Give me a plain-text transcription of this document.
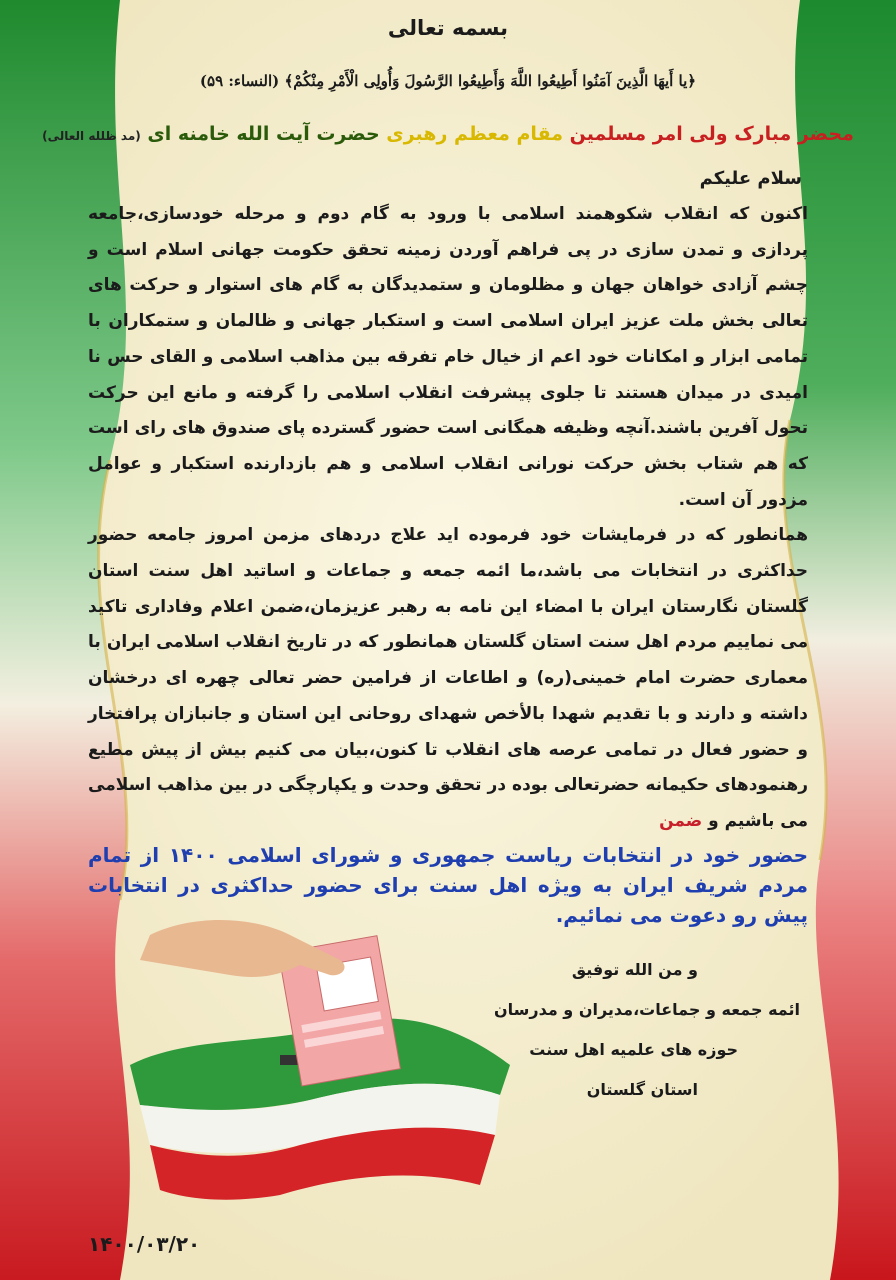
بسمه تعالی
﴿یا أَیهَا الَّذِینَ آمَنُوا أَطِیعُوا اللَّهَ وَأَطِیعُوا الرَّسُولَ وَأُولِی الْأَمْرِ مِنْکُمْ﴾ (النساء: ۵۹)
محضر مبارک ولی امر مسلمین مقام معظم رهبری حضرت آیت الله خامنه ای (مد ظلله العالی)
سلام علیکم

اکنون که انقلاب شکوهمند اسلامی با ورود به گام دوم و مرحله خودسازی،جامعه پردازی و تمدن سازی در پی فراهم آوردن زمینه تحقق حکومت جهانی اسلام است و چشم آزادی خواهان جهان و مظلومان و ستمدیدگان به گام های استوار و حرکت های تعالی بخش ملت عزیز ایران اسلامی است و استکبار جهانی و ظالمان و ستمکاران با تمامی ابزار و امکانات خود اعم از خیال خام تفرقه بین مذاهب اسلامی و القای حس نا امیدی در میدان هستند تا جلوی پیشرفت انقلاب اسلامی را گرفته و مانع این حرکت تحول آفرین باشند.آنچه وظیفه همگانی است حضور گسترده پای صندوق های رای است که هم شتاب بخش حرکت نورانی انقلاب اسلامی و هم بازدارنده استکبار و عوامل مزدور آن است.
همانطور که در فرمایشات خود فرموده اید علاج دردهای مزمن امروز جامعه حضور حداکثری در انتخابات می باشد،ما ائمه جمعه و جماعات و اساتید اهل سنت استان گلستان نگارستان ایران با امضاء این نامه به رهبر عزیزمان،ضمن اعلام وفاداری تاکید می نماییم مردم اهل سنت استان گلستان همانطور که در تاریخ انقلاب اسلامی ایران با معماری حضرت امام خمینی(ره) و اطاعات از فرامین حضر تعالی چهره ای درخشان داشته و دارند و با تقدیم شهدا بالأخص شهدای روحانی این استان و جانبازان پرافتخار و حضور فعال در تمامی عرصه های انقلاب تا کنون،بیان می کنیم بیش از پیش مطیع رهنمودهای حکیمانه حضرتعالی بوده در تحقق وحدت و یکپارچگی در بین مذاهب اسلامی می باشیم و ضمن

حضور خود در انتخابات ریاست جمهوری و شورای اسلامی ۱۴۰۰ از تمام مردم شریف ایران به ویژه اهل سنت برای حضور حداکثری در انتخابات پیش رو دعوت می نمائیم.

و من الله توفیق
ائمه جمعه و جماعات،مدیران و مدرسان
حوزه های علمیه اهل سنت
استان گلستان
۱۴۰۰/۰۳/۲۰
